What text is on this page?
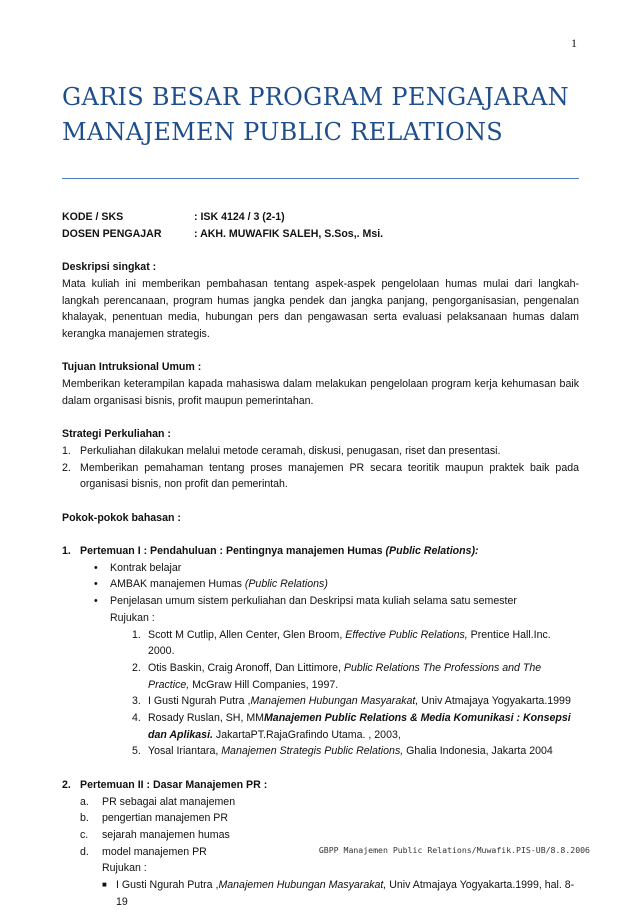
1
GARIS BESAR PROGRAM PENGAJARAN
MANAJEMEN PUBLIC RELATIONS
KODE / SKS	: ISK 4124 / 3 (2-1)
DOSEN PENGAJAR	: AKH. MUWAFIK SALEH, S.Sos,. Msi.

Deskripsi singkat :

Mata kuliah ini memberikan pembahasan tentang aspek-aspek pengelolaan humas mulai dari langkah-langkah perencanaan, program humas jangka pendek dan jangka panjang, pengorganisasian, pengenalan khalayak, penentuan media, hubungan pers dan pengawasan serta evaluasi pelaksanaan humas dalam kerangka manajemen strategis.

Tujuan Intruksional Umum :

Memberikan keterampilan kapada mahasiswa dalam melakukan pengelolaan program kerja kehumasan baik dalam organisasi bisnis, profit maupun pemerintahan.

Strategi Perkuliahan :

1. Perkuliahan dilakukan melalui metode ceramah, diskusi, penugasan, riset dan presentasi.
2. Memberikan pemahaman tentang proses manajemen PR secara teoritik maupun praktek baik pada organisasi bisnis, non profit dan pemerintah.

Pokok-pokok bahasan :

1. Pertemuan I : Pendahuluan : Pentingnya manajemen Humas (Public Relations):
• Kontrak belajar
• AMBAK manajemen Humas (Public Relations)
• Penjelasan umum sistem perkuliahan dan Deskripsi mata kuliah selama satu semester
Rujukan :
1. Scott M Cutlip, Allen Center, Glen Broom, Effective Public Relations, Prentice Hall.Inc. 2000.
2. Otis Baskin, Craig Aronoff, Dan Littimore, Public Relations The Professions and The Practice, McGraw Hill Companies, 1997.
3. I Gusti Ngurah Putra ,Manajemen Hubungan Masyarakat, Univ Atmajaya Yogyakarta.1999
4. Rosady Ruslan, SH, MMManajemen Public Relations & Media Komunikasi : Konsepsi dan Aplikasi. JakartaPT.RajaGrafindo Utama. , 2003,
5. Yosal Iriantara, Manajemen Strategis Public Relations, Ghalia Indonesia, Jakarta 2004
2. Pertemuan II : Dasar Manajemen PR :
a.	PR sebagai alat manajemen
b.	pengertian manajemen PR
c.	sejarah manajemen humas
d.	model manajemen PR
Rujukan :
■ I Gusti Ngurah Putra ,Manajemen Hubungan Masyarakat, Univ Atmajaya Yogyakarta.1999, hal. 8-19
GBPP Manajemen Public Relations/Muwafik.PIS-UB/8.8.2006
